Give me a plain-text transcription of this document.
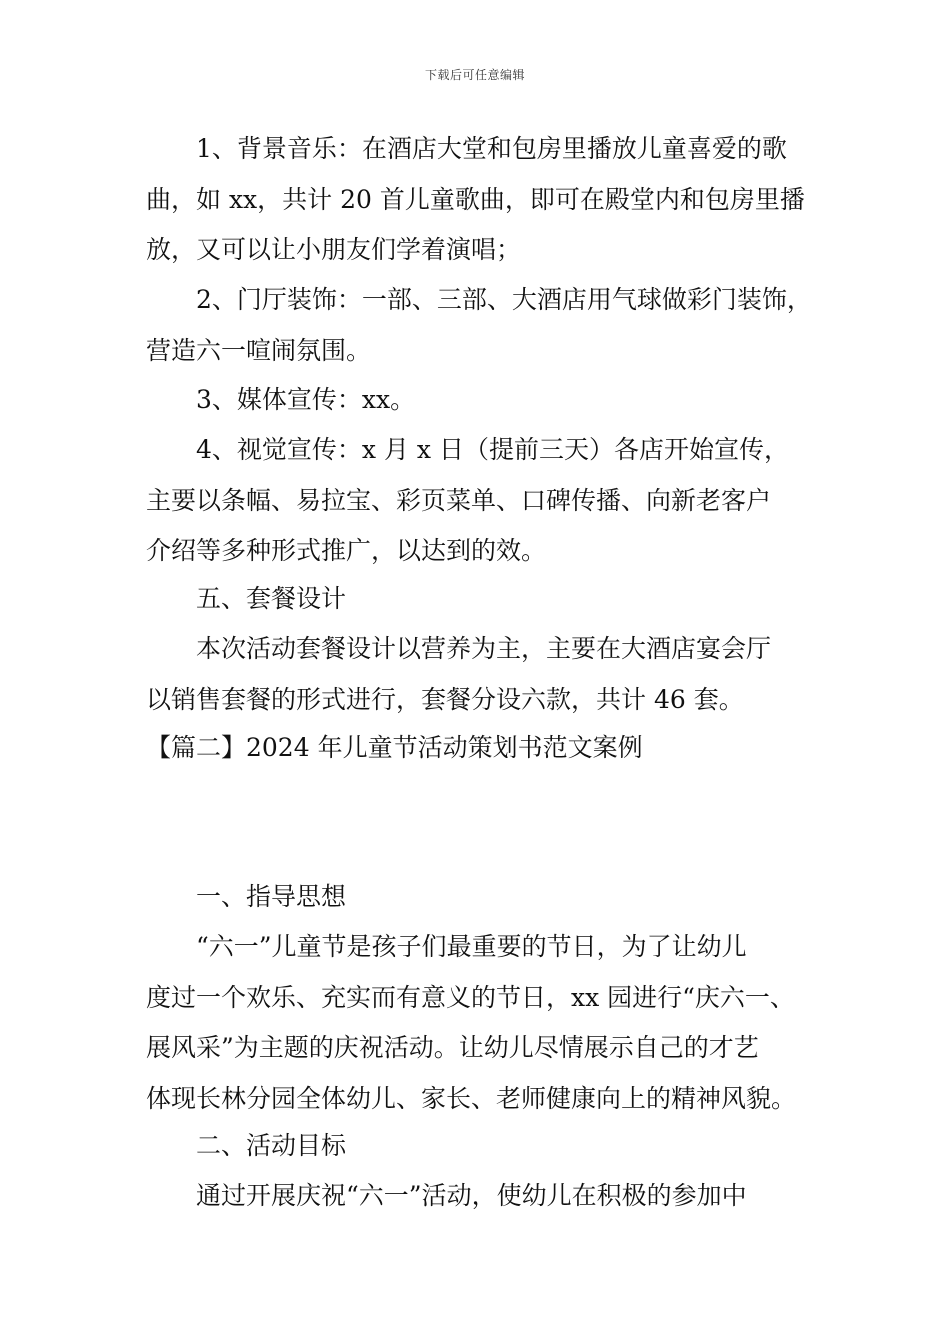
下载后可任意编辑
　　1、背景音乐：在酒店大堂和包房里播放儿童喜爱的歌
曲，如 xx，共计 20 首儿童歌曲，即可在殿堂内和包房里播
放，又可以让小朋友们学着演唱；
　　2、门厅装饰：一部、三部、大酒店用气球做彩门装饰，
营造六一喧闹氛围。
　　3、媒体宣传：xx。
　　4、视觉宣传：x 月 x 日（提前三天）各店开始宣传，
主要以条幅、易拉宝、彩页菜单、口碑传播、向新老客户
介绍等多种形式推广，以达到的效。
　　五、套餐设计
　　本次活动套餐设计以营养为主，主要在大酒店宴会厅
以销售套餐的形式进行，套餐分设六款，共计 46 套。
【篇二】2024 年儿童节活动策划书范文案例
　　一、指导思想
　　“六一”儿童节是孩子们最重要的节日，为了让幼儿
度过一个欢乐、充实而有意义的节日，xx 园进行“庆六一、
展风采”为主题的庆祝活动。让幼儿尽情展示自己的才艺
体现长林分园全体幼儿、家长、老师健康向上的精神风貌。
　　二、活动目标
　　通过开展庆祝“六一”活动，使幼儿在积极的参加中
